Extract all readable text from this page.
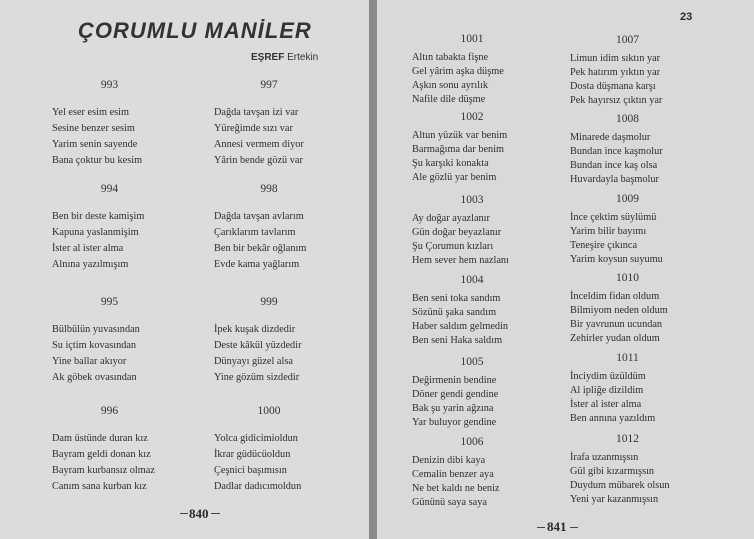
ÇORUMLU MANİLER
EŞREF Ertekin
993
Yel eser esim esim
Sesine benzer sesim
Yarim senin sayende
Bana çoktur bu kesim
994
Ben bir deste kamişim
Kapuna yaslanmişim
İster al ister alma
Alnına yazılmışım
995
Bülbülün yuvasından
Su içtim kovasından
Yine ballar akıyor
Ak göbek ovasından
996
Dam üstünde duran kız
Bayram geldi donan kız
Bayram kurbansız olmaz
Canım sana kurban kız
997
Dağda tavşan izi var
Yüreğimde sızı var
Annesi vermem diyor
Yârin bende gözü var
998
Dağda tavşan avlarım
Çarıklarım tavlarım
Ben bir bekâr oğlanım
Evde kama yağlarım
999
İpek kuşak dizdedir
Deste kâkül yüzdedir
Dünyayı güzel alsa
Yine gözüm sizdedir
1000
Yolca gidicimioldun
İkrar güdücüoldun
Çeşnici başımısın
Dadlar dadıcımoldun
840
23
1001
Altın tabakta fişne
Gel yârim aşka düşme
Aşkın sonu ayrılık
Nafile dile düşme
1002
Altun yüzük var benim
Barmağıma dar benim
Şu karşıki konakta
Ale gözlü yar benim
1003
Ay doğar ayazlanır
Gün doğar beyazlanır
Şu Çorumun kızları
Hem sever hem nazlanı
1004
Ben seni toka sandım
Sözünü şaka sandım
Haber saldım gelmedin
Ben seni Haka saldım
1005
Değirmenin bendine
Döner gendi gendine
Bak şu yarin ağzına
Yar buluyor gendine
1006
Denizin dibi kaya
Cemalin benzer aya
Ne bet kaldı ne beniz
Gününü saya saya
1007
Limun idim sıktın yar
Pek hatırım yıktın yar
Dosta düşmana karşı
Pek hayırsız çıktın yar
1008
Minarede daşmolur
Bundan ince kaşmolur
Bundan ince kaş olsa
Huvardayla başmolur
1009
İnce çektim süylümü
Yarim bilir bayımı
Teneşire çıkınca
Yarim koysun suyumu
1010
İnceldim fidan oldum
Bilmiyom neden oldum
Bir yavrunun ucundan
Zehirler yudan oldum
1011
İnciydim üzüldüm
Al ipliğe dizildim
İster al ister alma
Ben annına yazıldım
1012
İrafa uzanmışsın
Gül gibi kızarmışsın
Duydum mübarek olsun
Yeni yar kazanmışsın
841
